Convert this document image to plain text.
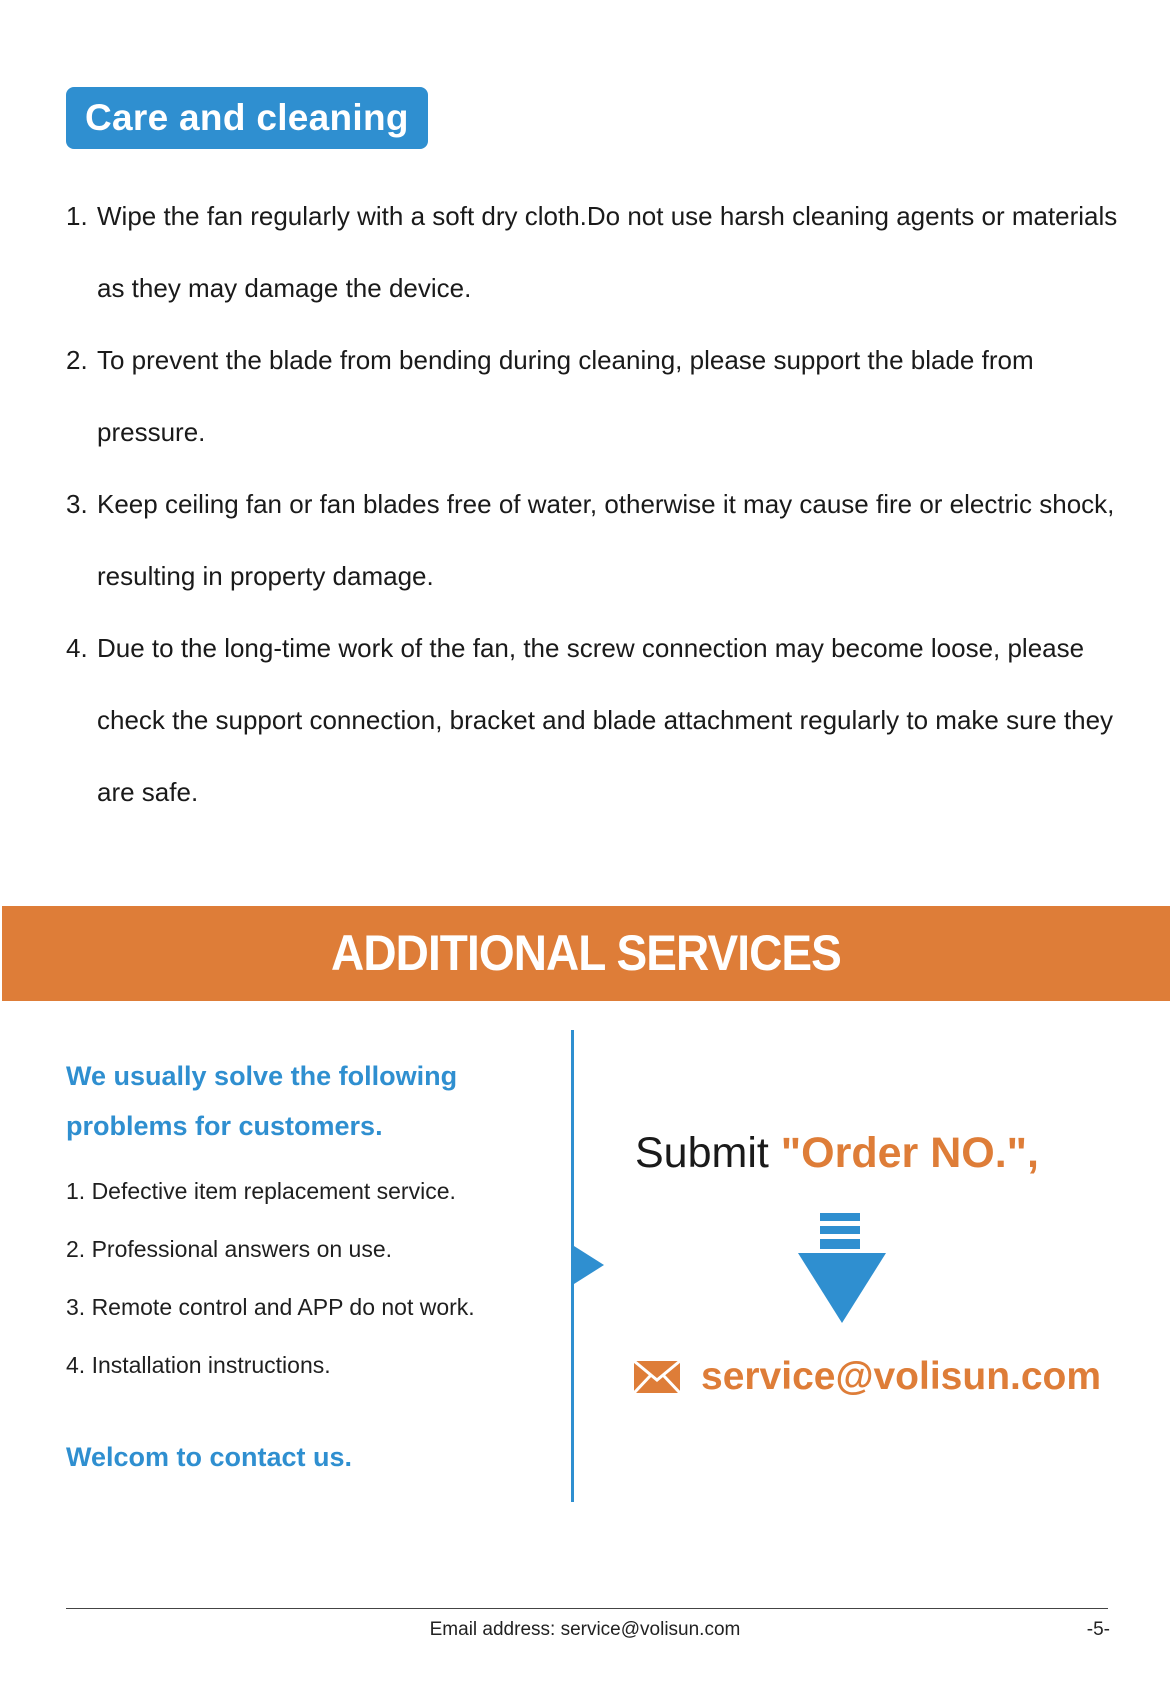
Care and cleaning
1. Wipe the fan regularly with a soft dry cloth.Do not use harsh cleaning agents or materials as they may damage the device.
2. To prevent the blade from bending during cleaning, please support the blade from pressure.
3. Keep ceiling fan or fan blades free of water, otherwise it may cause fire or electric shock, resulting in property damage.
4. Due to the long-time work of the fan, the screw connection may become loose, please check the support connection, bracket and blade attachment regularly to make sure they are safe.
ADDITIONAL SERVICES
We usually solve the following
problems for customers.
1. Defective item replacement service.
2. Professional answers on use.
3. Remote control and APP do not work.
4. Installation instructions.
Welcom to contact us.
Submit "Order NO.",
service@volisun.com
Email address: service@volisun.com	-5-
